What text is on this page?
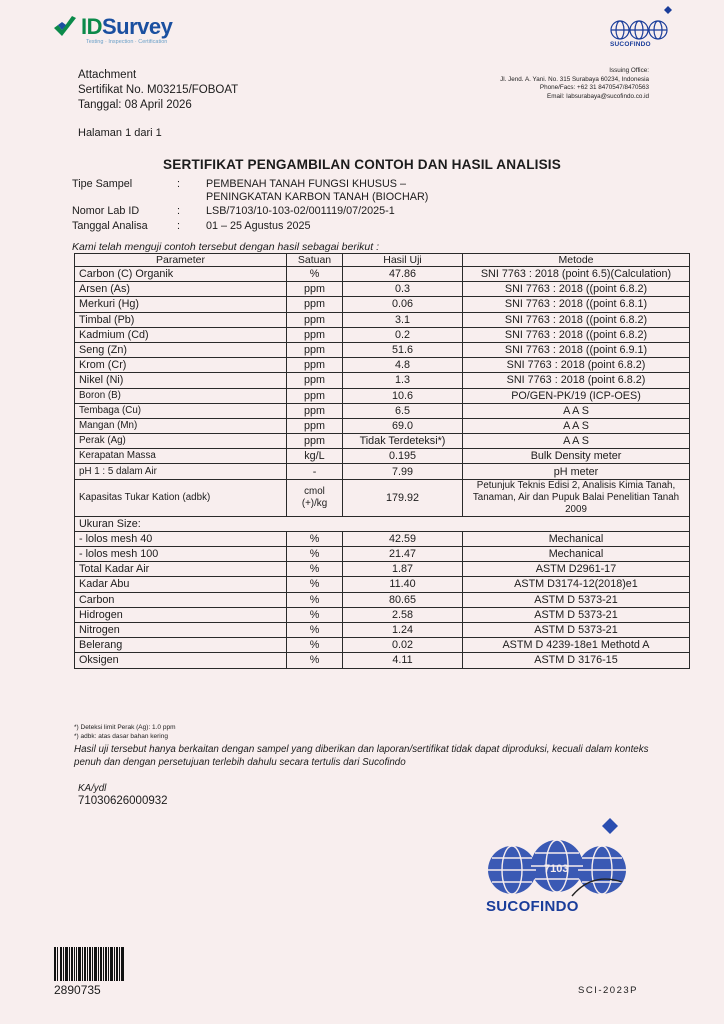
IDSurvey
Testing · Inspection · Certification	SUCOFINDO
Attachment
Sertifikat No. M03215/FOBOAT
Tanggal: 08 April 2026
Issuing Office:
Jl. Jend. A. Yani. No. 315 Surabaya 60234, Indonesia
Phone/Facs: +62 31 8470547/8470563
Email: labsurabaya@sucofindo.co.id
Halaman 1 dari 1
SERTIFIKAT PENGAMBILAN CONTOH DAN HASIL ANALISIS
Tipe Sampel	: PEMBENAH TANAH FUNGSI KHUSUS –
PENINGKATAN KARBON TANAH (BIOCHAR)
Nomor Lab ID	: LSB/7103/10-103-02/001119/07/2025-1
Tanggal Analisa	: 01 – 25 Agustus 2025
Kami telah menguji contoh tersebut dengan hasil sebagai berikut :
Parameter	Satuan	Hasil Uji	Metode
Carbon (C) Organik	%	47.86	SNI 7763 : 2018 (point 6.5)(Calculation)
Arsen (As)	ppm	0.3	SNI 7763 : 2018 ((point 6.8.2)
Merkuri (Hg)	ppm	0.06	SNI 7763 : 2018 ((point 6.8.1)
Timbal (Pb)	ppm	3.1	SNI 7763 : 2018 ((point 6.8.2)
Kadmium (Cd)	ppm	0.2	SNI 7763 : 2018 ((point 6.8.2)
Seng (Zn)	ppm	51.6	SNI 7763 : 2018 ((point 6.9.1)
Krom (Cr)	ppm	4.8	SNI 7763 : 2018 (point 6.8.2)
Nikel (Ni)	ppm	1.3	SNI 7763 : 2018 (point 6.8.2)
Boron (B)	ppm	10.6	PO/GEN-PK/19 (ICP-OES)
Tembaga (Cu)	ppm	6.5	A A S
Mangan (Mn)	ppm	69.0	A A S
Perak (Ag)	ppm	Tidak Terdeteksi*)	A A S
Kerapatan Massa	kg/L	0.195	Bulk Density meter
pH 1 : 5 dalam Air	-	7.99	pH meter
Kapasitas Tukar Kation (adbk)	cmol (+)/kg	179.92	Petunjuk Teknis Edisi 2, Analisis Kimia Tanah, Tanaman, Air dan Pupuk Balai Penelitian Tanah 2009
Ukuran Size:			
- lolos mesh 40	%	42.59	Mechanical
- lolos mesh 100	%	21.47	Mechanical
Total Kadar Air	%	1.87	ASTM D2961-17
Kadar Abu	%	11.40	ASTM D3174-12(2018)e1
Carbon	%	80.65	ASTM D 5373-21
Hidrogen	%	2.58	ASTM D 5373-21
Nitrogen	%	1.24	ASTM D 5373-21
Belerang	%	0.02	ASTM D 4239-18e1 Methotd A
Oksigen	%	4.11	ASTM D 3176-15
*) Deteksi limit Perak (Ag): 1.0 ppm
*) adbk: atas dasar bahan kering
Hasil uji tersebut hanya berkaitan dengan sampel yang diberikan dan laporan/sertifikat tidak dapat diproduksi, kecuali dalam konteks penuh dan dengan persetujuan terlebih dahulu secara tertulis dari Sucofindo
KA/ydl
71030626000932
7103
SUCOFINDO
2890735	SCI-2023P
